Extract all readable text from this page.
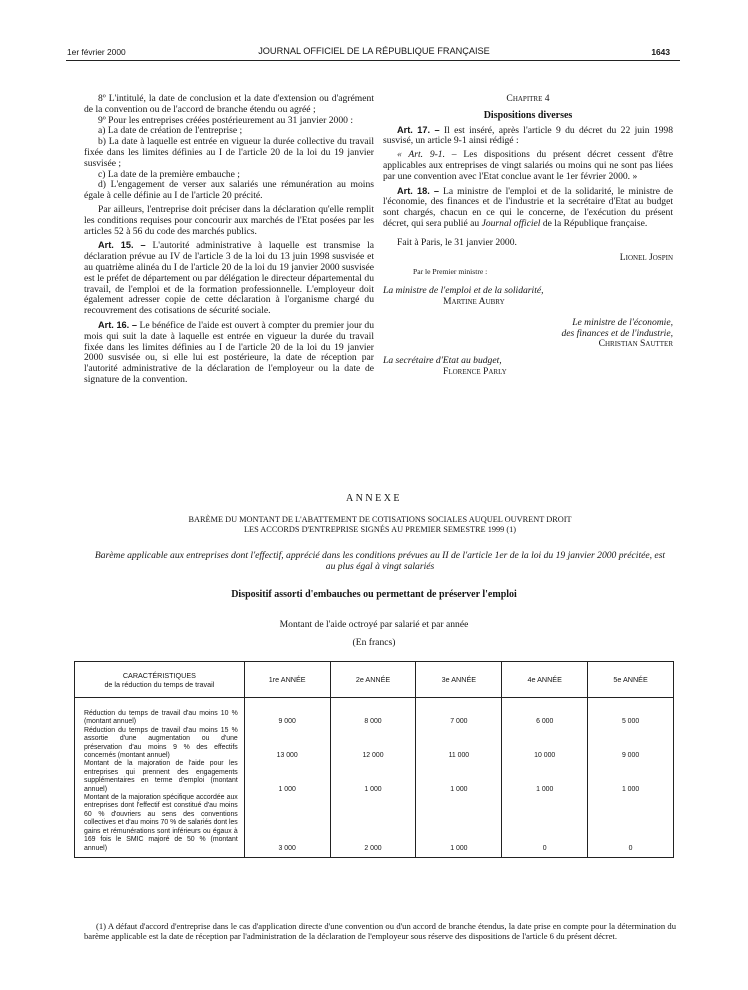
1er février 2000	JOURNAL OFFICIEL DE LA RÉPUBLIQUE FRANÇAISE	1643

8º L'intitulé, la date de conclusion et la date d'extension ou d'agrément de la convention ou de l'accord de branche étendu ou agréé ;

9º Pour les entreprises créées postérieurement au 31 janvier 2000 :

a) La date de création de l'entreprise ;

b) La date à laquelle est entrée en vigueur la durée collective du travail fixée dans les limites définies au I de l'article 20 de la loi du 19 janvier susvisée ;

c) La date de la première embauche ;

d) L'engagement de verser aux salariés une rémunération au moins égale à celle définie au I de l'article 20 précité.

Par ailleurs, l'entreprise doit préciser dans la déclaration qu'elle remplit les conditions requises pour concourir aux marchés de l'Etat posées par les articles 52 à 56 du code des marchés publics.

Art. 15. – L'autorité administrative à laquelle est transmise la déclaration prévue au IV de l'article 3 de la loi du 13 juin 1998 susvisée et au quatrième alinéa du I de l'article 20 de la loi du 19 janvier 2000 susvisée est le préfet de département ou par délégation le directeur départemental du travail, de l'emploi et de la formation professionnelle. L'employeur doit également adresser copie de cette déclaration à l'organisme chargé du recouvrement des cotisations de sécurité sociale.

Art. 16. – Le bénéfice de l'aide est ouvert à compter du premier jour du mois qui suit la date à laquelle est entrée en vigueur la durée du travail fixée dans les limites définies au I de l'article 20 de la loi du 19 janvier 2000 susvisée ou, si elle lui est postérieure, la date de réception par l'autorité administrative de la déclaration de l'employeur ou la date de signature de la convention.

Chapitre 4

Dispositions diverses

Art. 17. – Il est inséré, après l'article 9 du décret du 22 juin 1998 susvisé, un article 9-1 ainsi rédigé :

« Art. 9-1. – Les dispositions du présent décret cessent d'être applicables aux entreprises de vingt salariés ou moins qui ne sont pas liées par une convention avec l'Etat conclue avant le 1er février 2000. »

Art. 18. – La ministre de l'emploi et de la solidarité, le ministre de l'économie, des finances et de l'industrie et la secrétaire d'Etat au budget sont chargés, chacun en ce qui le concerne, de l'exécution du présent décret, qui sera publié au Journal officiel de la République française.

Fait à Paris, le 31 janvier 2000.

Lionel Jospin
Par le Premier ministre :
La ministre de l'emploi et de la solidarité,
Martine Aubry
Le ministre de l'économie,
des finances et de l'industrie,
Christian Sautter
La secrétaire d'Etat au budget,
Florence Parly
ANNEXE
BARÈME DU MONTANT DE L'ABATTEMENT DE COTISATIONS SOCIALES AUQUEL OUVRENT DROIT
LES ACCORDS D'ENTREPRISE SIGNÉS AU PREMIER SEMESTRE 1999 (1)
Barème applicable aux entreprises dont l'effectif, apprécié dans les conditions prévues au II de l'article 1er de la loi du 19 janvier 2000 précitée, est au plus égal à vingt salariés
Dispositif assorti d'embauches ou permettant de préserver l'emploi
Montant de l'aide octroyé par salarié et par année
(En francs)
CARACTÉRISTIQUES
de la réduction du temps de travail	1re ANNÉE	2e ANNÉE	3e ANNÉE	4e ANNÉE	5e ANNÉE
Réduction du temps de travail d'au moins 10 % (montant annuel)	9 000	8 000	7 000	6 000	5 000
Réduction du temps de travail d'au moins 15 % assortie d'une augmentation ou d'une préservation d'au moins 9 % des effectifs concernés (montant annuel)	13 000	12 000	11 000	10 000	9 000
Montant de la majoration de l'aide pour les entreprises qui prennent des engagements supplémentaires en terme d'emploi (montant annuel)	1 000	1 000	1 000	1 000	1 000
Montant de la majoration spécifique accordée aux entreprises dont l'effectif est constitué d'au moins 60 % d'ouvriers au sens des conventions collectives et d'au moins 70 % de salariés dont les gains et rémunérations sont inférieurs ou égaux à 169 fois le SMIC majoré de 50 % (montant annuel)	3 000	2 000	1 000	0	0
(1) A défaut d'accord d'entreprise dans le cas d'application directe d'une convention ou d'un accord de branche étendus, la date prise en compte pour la détermination du barème applicable est la date de réception par l'administration de la déclaration de l'employeur sous réserve des dispositions de l'article 6 du présent décret.
